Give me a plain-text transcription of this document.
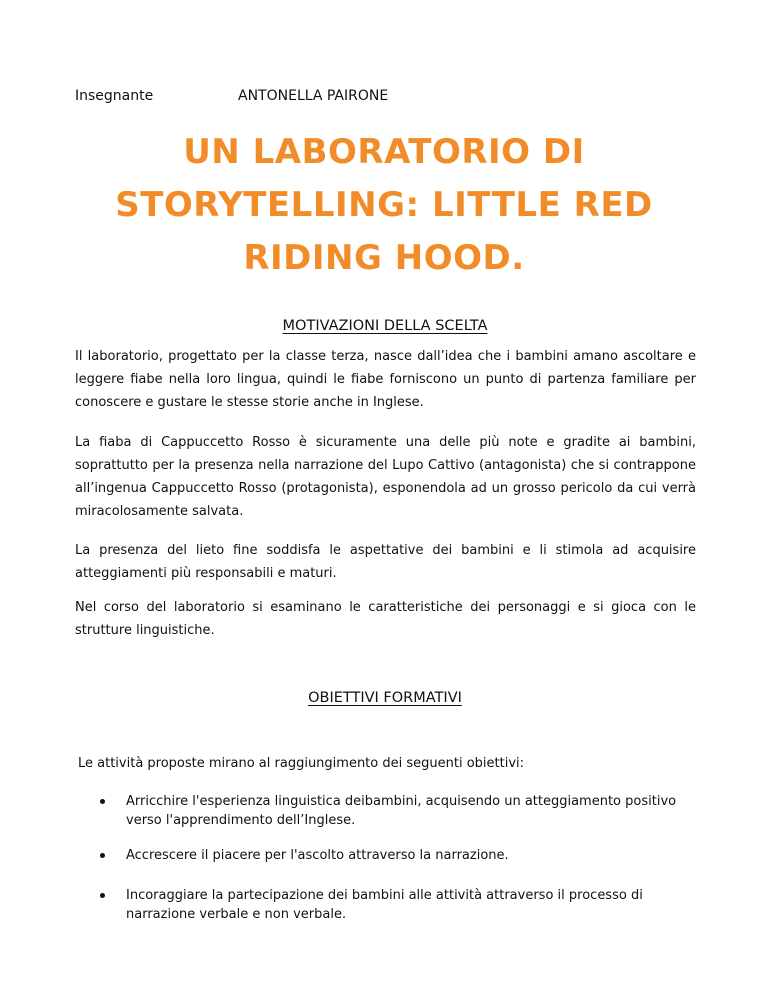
Insegnante	ANTONELLA PAIRONE
UN LABORATORIO DI
STORYTELLING: LITTLE RED
RIDING HOOD.
MOTIVAZIONI DELLA SCELTA

Il laboratorio, progettato per la classe terza, nasce dall’idea che i bambini amano ascoltare e leggere fiabe nella loro lingua, quindi le fiabe forniscono un punto di partenza familiare per conoscere e gustare le stesse storie anche in Inglese.

La fiaba di Cappuccetto Rosso è sicuramente una delle più note e gradite ai bambini, soprattutto per la presenza nella narrazione del Lupo Cattivo (antagonista) che si contrappone all’ingenua Cappuccetto Rosso (protagonista), esponendola ad un grosso pericolo da cui verrà miracolosamente salvata.

La presenza del lieto fine soddisfa le aspettative dei bambini e li stimola ad acquisire atteggiamenti più responsabili e maturi.

Nel corso del laboratorio si esaminano le caratteristiche dei personaggi e si gioca con le strutture linguistiche.

OBIETTIVI FORMATIVI
Le attività proposte mirano al raggiungimento dei seguenti obiettivi:
Arricchire l'esperienza linguistica deibambini, acquisendo un atteggiamento positivo verso l'apprendimento dell’Inglese.
Accrescere il piacere per l'ascolto attraverso la narrazione.
Incoraggiare la partecipazione dei bambini alle attività attraverso il processo di narrazione verbale e non verbale.
